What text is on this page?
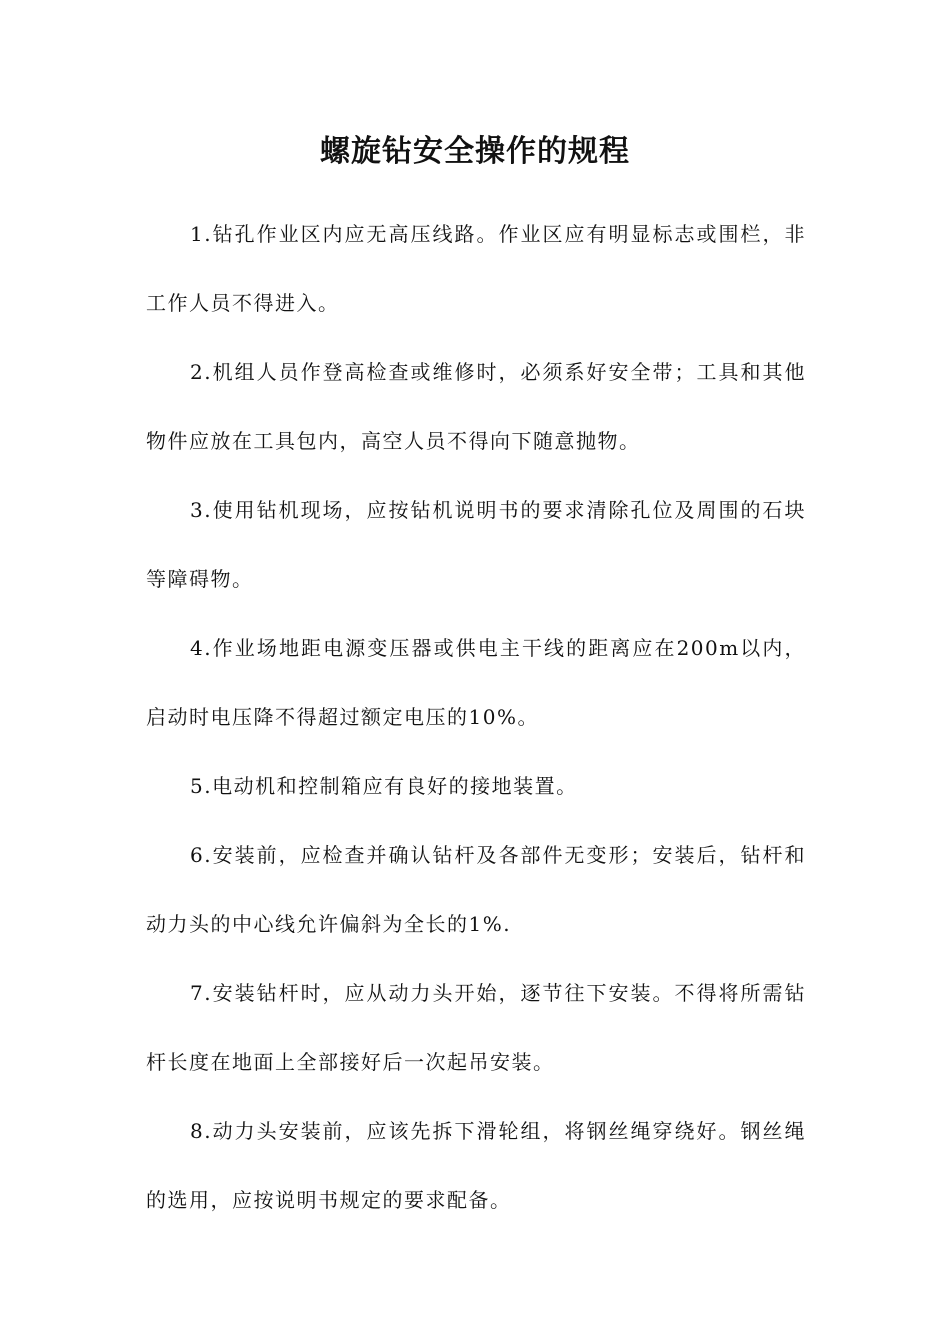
螺旋钻安全操作的规程

1.钻孔作业区内应无高压线路。作业区应有明显标志或围栏，非工作人员不得进入。

2.机组人员作登高检查或维修时，必须系好安全带；工具和其他物件应放在工具包内，高空人员不得向下随意抛物。

3.使用钻机现场，应按钻机说明书的要求清除孔位及周围的石块等障碍物。

4.作业场地距电源变压器或供电主干线的距离应在200m以内，启动时电压降不得超过额定电压的10%。

5.电动机和控制箱应有良好的接地装置。

6.安装前，应检查并确认钻杆及各部件无变形；安装后，钻杆和动力头的中心线允许偏斜为全长的1%.

7.安装钻杆时，应从动力头开始，逐节往下安装。不得将所需钻杆长度在地面上全部接好后一次起吊安装。

8.动力头安装前，应该先拆下滑轮组，将钢丝绳穿绕好。钢丝绳的选用，应按说明书规定的要求配备。
